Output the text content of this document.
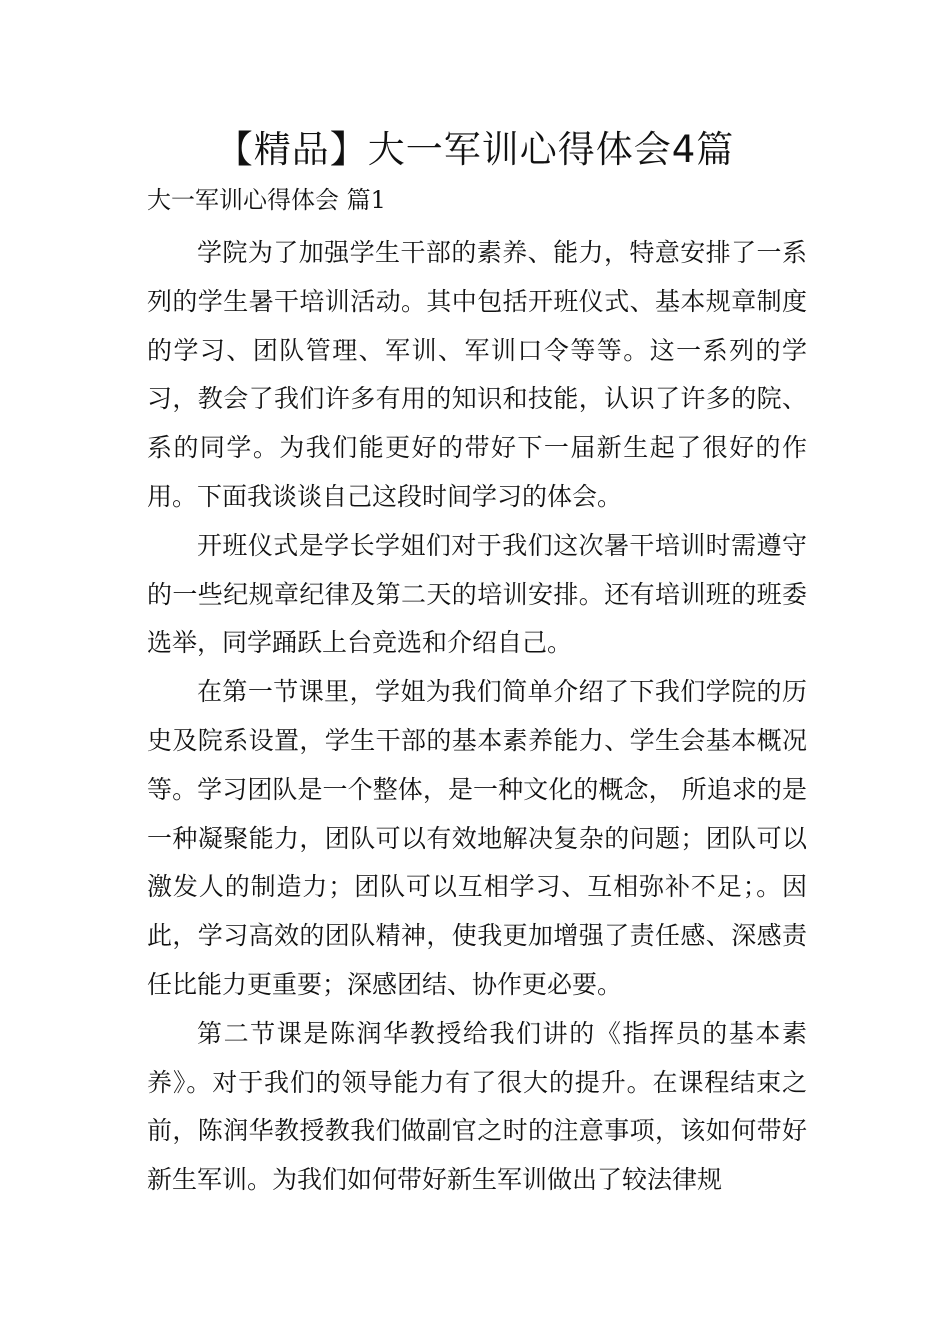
【精品】大一军训心得体会4篇
大一军训心得体会 篇1

学院为了加强学生干部的素养、能力，特意安排了一系列的学生暑干培训活动。其中包括开班仪式、基本规章制度的学习、团队管理、军训、军训口令等等。这一系列的学习，教会了我们许多有用的知识和技能，认识了许多的院、系的同学。为我们能更好的带好下一届新生起了很好的作用。下面我谈谈自己这段时间学习的体会。

开班仪式是学长学姐们对于我们这次暑干培训时需遵守的一些纪规章纪律及第二天的培训安排。还有培训班的班委选举，同学踊跃上台竞选和介绍自己。

在第一节课里，学姐为我们简单介绍了下我们学院的历史及院系设置，学生干部的基本素养能力、学生会基本概况等。学习团队是一个整体，是一种文化的概念， 所追求的是一种凝聚能力，团队可以有效地解决复杂的问题；团队可以激发人的制造力；团队可以互相学习、互相弥补不足；。因此，学习高效的团队精神，使我更加增强了责任感、深感责任比能力更重要；深感团结、协作更必要。

第二节课是陈润华教授给我们讲的《指挥员的基本素养》。对于我们的领导能力有了很大的提升。在课程结束之前，陈润华教授教我们做副官之时的注意事项，该如何带好新生军训。为我们如何带好新生军训做出了较法律规
